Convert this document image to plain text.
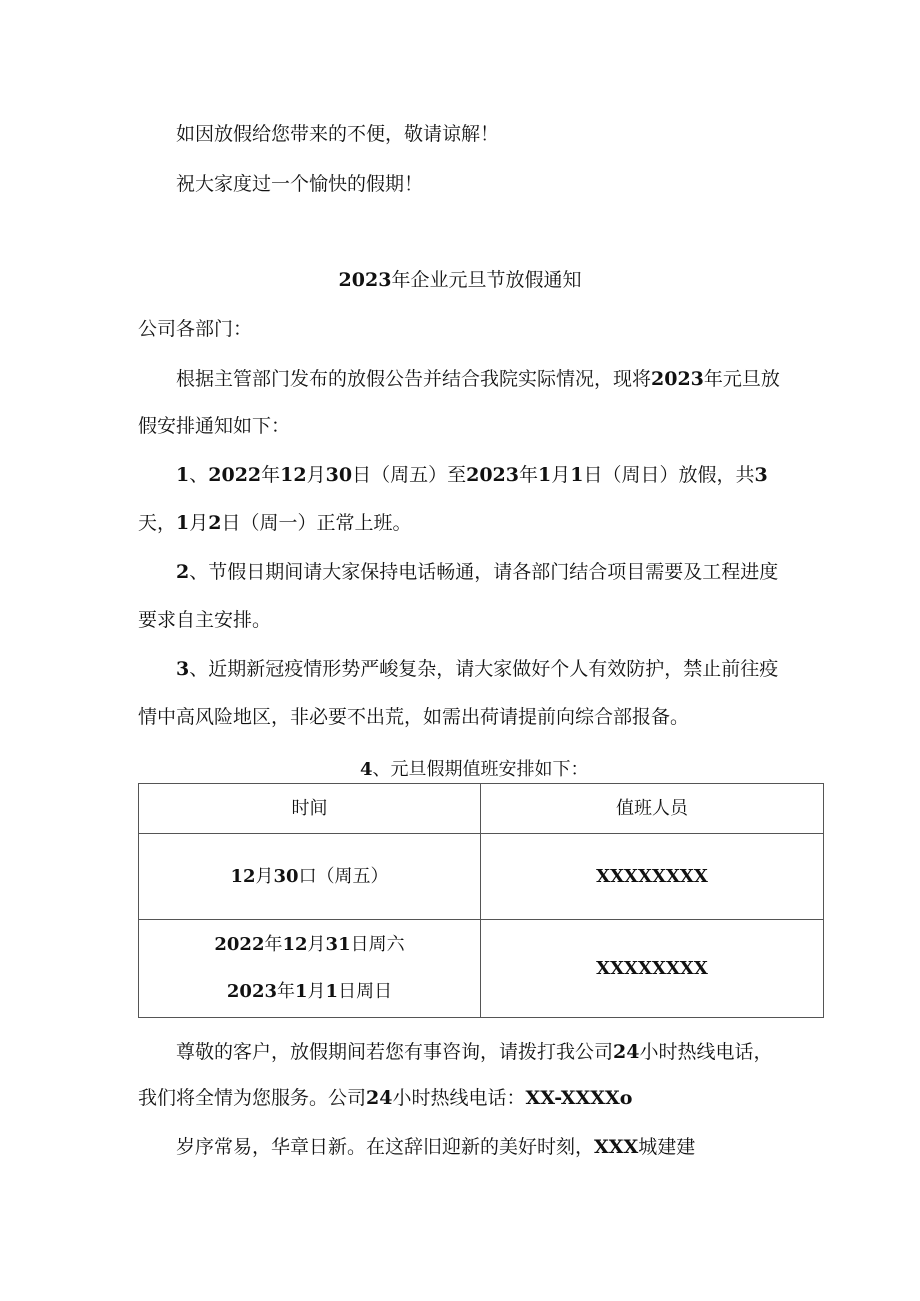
如因放假给您带来的不便，敬请谅解！
祝大家度过一个愉快的假期！
2023年企业元旦节放假通知
公司各部门：
根据主管部门发布的放假公告并结合我院实际情况，现将2023年元旦放
假安排通知如下：
1、2022年12月30日（周五）至2023年1月1日（周日）放假，共3
天，1月2日（周一）正常上班。
2、节假日期间请大家保持电话畅通，请各部门结合项目需要及工程进度
要求自主安排。
3、近期新冠疫情形势严峻复杂，请大家做好个人有效防护，禁止前往疫
情中高风险地区，非必要不出荒，如需出荷请提前向综合部报备。
4、元旦假期值班安排如下：
时间	值班人员
12月30口（周五）	XXXXXXXX

2022年12月31日周六
2023年1月1日周日	XXXXXXXX
尊敬的客户，放假期间若您有事咨询，请拨打我公司24小时热线电话，
我们将全情为您服务。公司24小时热线电话：XX-XXXXo
岁序常易，华章日新。在这辞旧迎新的美好时刻，XXX城建建
